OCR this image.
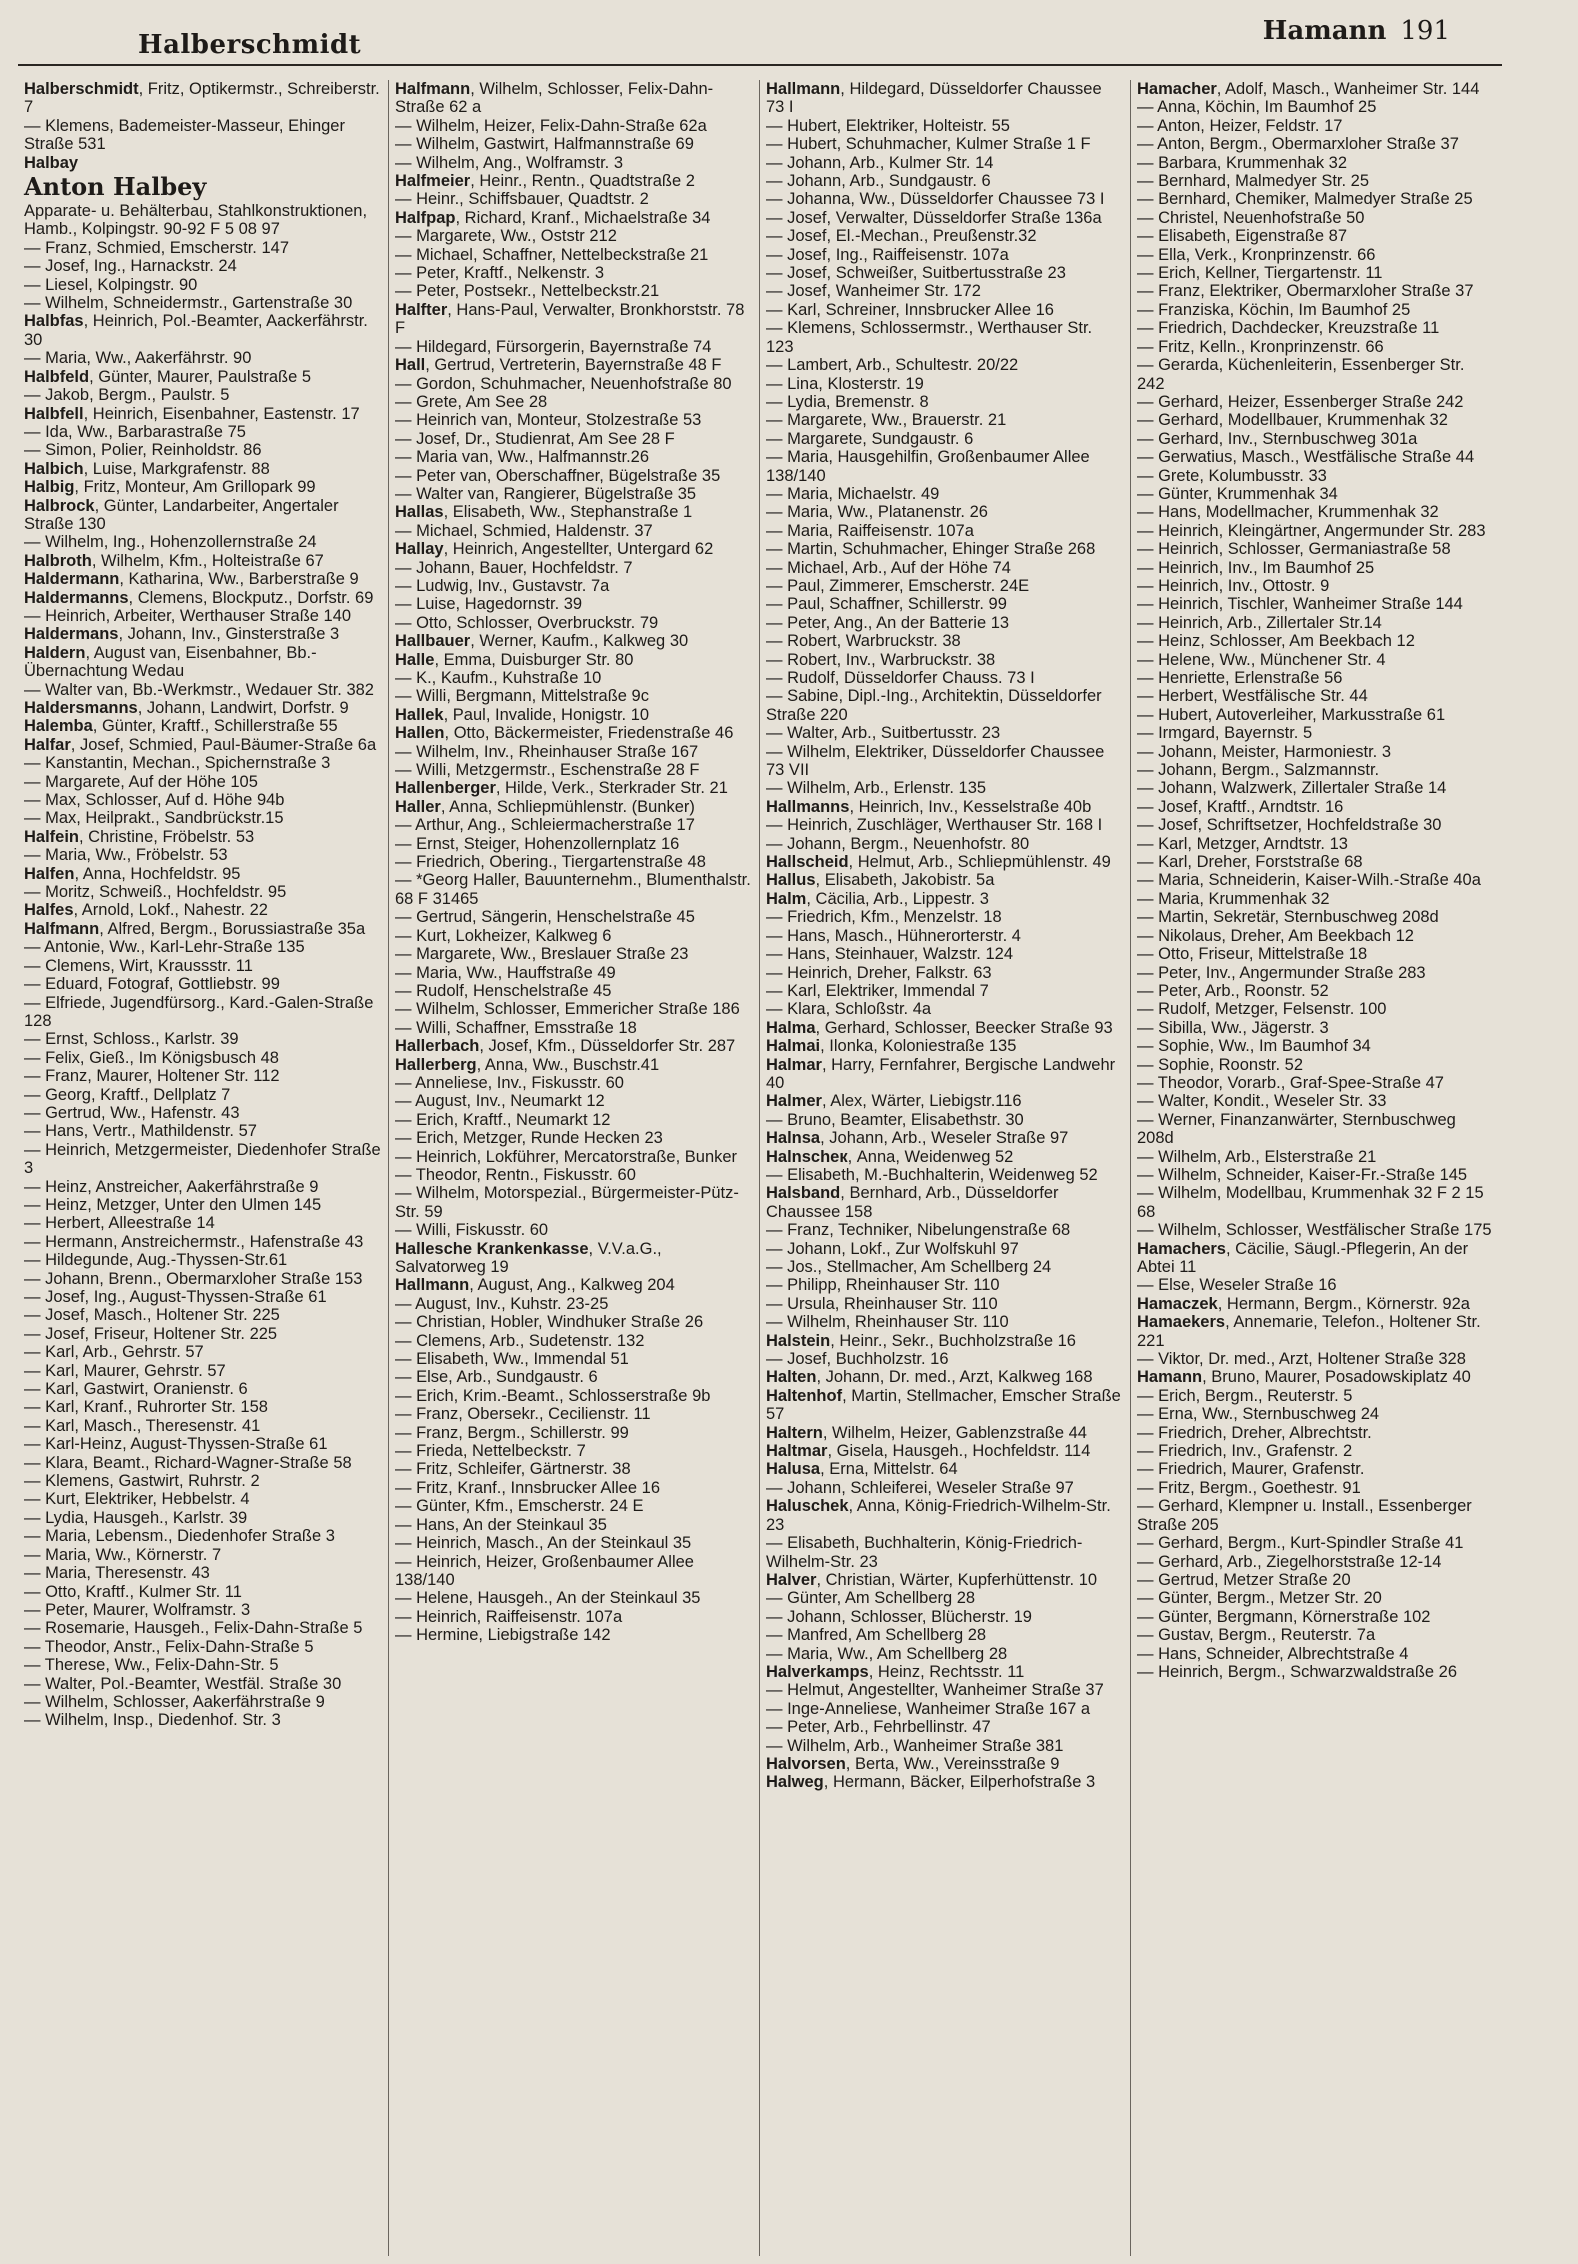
Halberschmidt	Hamann 191

Halberschmidt, Fritz, Optikermstr., Schreiberstr. 7

— Klemens, Bademeister-Masseur, Ehinger Straße 531

Halbay

Anton Halbey

Apparate- u. Behälterbau, Stahlkonstruktionen, Hamb., Kolpingstr. 90-92 F 5 08 97

— Franz, Schmied, Emscherstr. 147

— Josef, Ing., Harnackstr. 24

— Liesel, Kolpingstr. 90

— Wilhelm, Schneidermstr., Gartenstraße 30

Halbfas, Heinrich, Pol.-Beamter, Aackerfährstr. 30

— Maria, Ww., Aakerfährstr. 90

Halbfeld, Günter, Maurer, Paulstraße 5

— Jakob, Bergm., Paulstr. 5

Halbfell, Heinrich, Eisenbahner, Eastenstr. 17

— Ida, Ww., Barbarastraße 75

— Simon, Polier, Reinholdstr. 86

Halbich, Luise, Markgrafenstr. 88

Halbig, Fritz, Monteur, Am Grillopark 99

Halbrock, Günter, Landarbeiter, Angertaler Straße 130

— Wilhelm, Ing., Hohenzollernstraße 24

Halbroth, Wilhelm, Kfm., Holteistraße 67

Haldermann, Katharina, Ww., Barberstraße 9

Haldermanns, Clemens, Blockputz., Dorfstr. 69

— Heinrich, Arbeiter, Werthauser Straße 140

Haldermans, Johann, Inv., Ginsterstraße 3

Haldern, August van, Eisenbahner, Bb.-Übernachtung Wedau

— Walter van, Bb.-Werkmstr., Wedauer Str. 382

Haldersmanns, Johann, Landwirt, Dorfstr. 9

Halemba, Günter, Kraftf., Schillerstraße 55

Halfar, Josef, Schmied, Paul-Bäumer-Straße 6a

— Kanstantin, Mechan., Spichernstraße 3

— Margarete, Auf der Höhe 105

— Max, Schlosser, Auf d. Höhe 94b

— Max, Heilprakt., Sandbrückstr.15

Halfein, Christine, Fröbelstr. 53

— Maria, Ww., Fröbelstr. 53

Halfen, Anna, Hochfeldstr. 95

— Moritz, Schweiß., Hochfeldstr. 95

Halfes, Arnold, Lokf., Nahestr. 22

Halfmann, Alfred, Bergm., Borussiastraße 35a

— Antonie, Ww., Karl-Lehr-Straße 135

— Clemens, Wirt, Kraussstr. 11

— Eduard, Fotograf, Gottliebstr. 99

— Elfriede, Jugendfürsorg., Kard.-Galen-Straße 128

— Ernst, Schloss., Karlstr. 39

— Felix, Gieß., Im Königsbusch 48

— Franz, Maurer, Holtener Str. 112

— Georg, Kraftf., Dellplatz 7

— Gertrud, Ww., Hafenstr. 43

— Hans, Vertr., Mathildenstr. 57

— Heinrich, Metzgermeister, Diedenhofer Straße 3

— Heinz, Anstreicher, Aakerfährstraße 9

— Heinz, Metzger, Unter den Ulmen 145

— Herbert, Alleestraße 14

— Hermann, Anstreichermstr., Hafenstraße 43

— Hildegunde, Aug.-Thyssen-Str.61

— Johann, Brenn., Obermarxloher Straße 153

— Josef, Ing., August-Thyssen-Straße 61

— Josef, Masch., Holtener Str. 225

— Josef, Friseur, Holtener Str. 225

— Karl, Arb., Gehrstr. 57

— Karl, Maurer, Gehrstr. 57

— Karl, Gastwirt, Oranienstr. 6

— Karl, Kranf., Ruhrorter Str. 158

— Karl, Masch., Theresenstr. 41

— Karl-Heinz, August-Thyssen-Straße 61

— Klara, Beamt., Richard-Wagner-Straße 58

— Klemens, Gastwirt, Ruhrstr. 2

— Kurt, Elektriker, Hebbelstr. 4

— Lydia, Hausgeh., Karlstr. 39

— Maria, Lebensm., Diedenhofer Straße 3

— Maria, Ww., Körnerstr. 7

— Maria, Theresenstr. 43

— Otto, Kraftf., Kulmer Str. 11

— Peter, Maurer, Wolframstr. 3

— Rosemarie, Hausgeh., Felix-Dahn-Straße 5

— Theodor, Anstr., Felix-Dahn-Straße 5

— Therese, Ww., Felix-Dahn-Str. 5

— Walter, Pol.-Beamter, Westfäl. Straße 30

— Wilhelm, Schlosser, Aakerfährstraße 9

— Wilhelm, Insp., Diedenhof. Str. 3

Halfmann, Wilhelm, Schlosser, Felix-Dahn-Straße 62 a

— Wilhelm, Heizer, Felix-Dahn-Straße 62a

— Wilhelm, Gastwirt, Halfmannstraße 69

— Wilhelm, Ang., Wolframstr. 3

Halfmeier, Heinr., Rentn., Quadtstraße 2

— Heinr., Schiffsbauer, Quadtstr. 2

Halfpap, Richard, Kranf., Michaelstraße 34

— Margarete, Ww., Oststr 212

— Michael, Schaffner, Nettelbeckstraße 21

— Peter, Kraftf., Nelkenstr. 3

— Peter, Postsekr., Nettelbeckstr.21

Halfter, Hans-Paul, Verwalter, Bronkhorststr. 78 F

— Hildegard, Fürsorgerin, Bayernstraße 74

Hall, Gertrud, Vertreterin, Bayernstraße 48 F

— Gordon, Schuhmacher, Neuenhofstraße 80

— Grete, Am See 28

— Heinrich van, Monteur, Stolzestraße 53

— Josef, Dr., Studienrat, Am See 28 F

— Maria van, Ww., Halfmannstr.26

— Peter van, Oberschaffner, Bügelstraße 35

— Walter van, Rangierer, Bügelstraße 35

Hallas, Elisabeth, Ww., Stephanstraße 1

— Michael, Schmied, Haldenstr. 37

Hallay, Heinrich, Angestellter, Untergard 62

— Johann, Bauer, Hochfeldstr. 7

— Ludwig, Inv., Gustavstr. 7a

— Luise, Hagedornstr. 39

— Otto, Schlosser, Overbruckstr. 79

Hallbauer, Werner, Kaufm., Kalkweg 30

Halle, Emma, Duisburger Str. 80

— K., Kaufm., Kuhstraße 10

— Willi, Bergmann, Mittelstraße 9c

Hallek, Paul, Invalide, Honigstr. 10

Hallen, Otto, Bäckermeister, Friedenstraße 46

— Wilhelm, Inv., Rheinhauser Straße 167

— Willi, Metzgermstr., Eschenstraße 28 F

Hallenberger, Hilde, Verk., Sterkrader Str. 21

Haller, Anna, Schliepmühlenstr. (Bunker)

— Arthur, Ang., Schleiermacherstraße 17

— Ernst, Steiger, Hohenzollernplatz 16

— Friedrich, Obering., Tiergartenstraße 48

— *Georg Haller, Bauunternehm., Blumenthalstr. 68 F 31465

— Gertrud, Sängerin, Henschelstraße 45

— Kurt, Lokheizer, Kalkweg 6

— Margarete, Ww., Breslauer Straße 23

— Maria, Ww., Hauffstraße 49

— Rudolf, Henschelstraße 45

— Wilhelm, Schlosser, Emmericher Straße 186

— Willi, Schaffner, Emsstraße 18

Hallerbach, Josef, Kfm., Düsseldorfer Str. 287

Hallerberg, Anna, Ww., Buschstr.41

— Anneliese, Inv., Fiskusstr. 60

— August, Inv., Neumarkt 12

— Erich, Kraftf., Neumarkt 12

— Erich, Metzger, Runde Hecken 23

— Heinrich, Lokführer, Mercatorstraße, Bunker

— Theodor, Rentn., Fiskusstr. 60

— Wilhelm, Motorspezial., Bürgermeister-Pütz-Str. 59

— Willi, Fiskusstr. 60

Hallesche Krankenkasse, V.V.a.G., Salvatorweg 19

Hallmann, August, Ang., Kalkweg 204

— August, Inv., Kuhstr. 23-25

— Christian, Hobler, Windhuker Straße 26

— Clemens, Arb., Sudetenstr. 132

— Elisabeth, Ww., Immendal 51

— Else, Arb., Sundgaustr. 6

— Erich, Krim.-Beamt., Schlosserstraße 9b

— Franz, Obersekr., Cecilienstr. 11

— Franz, Bergm., Schillerstr. 99

— Frieda, Nettelbeckstr. 7

— Fritz, Schleifer, Gärtnerstr. 38

— Fritz, Kranf., Innsbrucker Allee 16

— Günter, Kfm., Emscherstr. 24 E

— Hans, An der Steinkaul 35

— Heinrich, Masch., An der Steinkaul 35

— Heinrich, Heizer, Großenbaumer Allee 138/140

— Helene, Hausgeh., An der Steinkaul 35

— Heinrich, Raiffeisenstr. 107a

— Hermine, Liebigstraße 142

Hallmann, Hildegard, Düsseldorfer Chaussee 73 I

— Hubert, Elektriker, Holteistr. 55

— Hubert, Schuhmacher, Kulmer Straße 1 F

— Johann, Arb., Kulmer Str. 14

— Johann, Arb., Sundgaustr. 6

— Johanna, Ww., Düsseldorfer Chaussee 73 I

— Josef, Verwalter, Düsseldorfer Straße 136a

— Josef, El.-Mechan., Preußenstr.32

— Josef, Ing., Raiffeisenstr. 107a

— Josef, Schweißer, Suitbertusstraße 23

— Josef, Wanheimer Str. 172

— Karl, Schreiner, Innsbrucker Allee 16

— Klemens, Schlossermstr., Werthauser Str. 123

— Lambert, Arb., Schultestr. 20/22

— Lina, Klosterstr. 19

— Lydia, Bremenstr. 8

— Margarete, Ww., Brauerstr. 21

— Margarete, Sundgaustr. 6

— Maria, Hausgehilfin, Großenbaumer Allee 138/140

— Maria, Michaelstr. 49

— Maria, Ww., Platanenstr. 26

— Maria, Raiffeisenstr. 107a

— Martin, Schuhmacher, Ehinger Straße 268

— Michael, Arb., Auf der Höhe 74

— Paul, Zimmerer, Emscherstr. 24E

— Paul, Schaffner, Schillerstr. 99

— Peter, Ang., An der Batterie 13

— Robert, Warbruckstr. 38

— Robert, Inv., Warbruckstr. 38

— Rudolf, Düsseldorfer Chauss. 73 I

— Sabine, Dipl.-Ing., Architektin, Düsseldorfer Straße 220

— Walter, Arb., Suitbertusstr. 23

— Wilhelm, Elektriker, Düsseldorfer Chaussee 73 VII

— Wilhelm, Arb., Erlenstr. 135

Hallmanns, Heinrich, Inv., Kesselstraße 40b

— Heinrich, Zuschläger, Werthauser Str. 168 I

— Johann, Bergm., Neuenhofstr. 80

Hallscheid, Helmut, Arb., Schliepmühlenstr. 49

Hallus, Elisabeth, Jakobistr. 5a

Halm, Cäcilia, Arb., Lippestr. 3

— Friedrich, Kfm., Menzelstr. 18

— Hans, Masch., Hühnerorterstr. 4

— Hans, Steinhauer, Walzstr. 124

— Heinrich, Dreher, Falkstr. 63

— Karl, Elektriker, Immendal 7

— Klara, Schloßstr. 4a

Halma, Gerhard, Schlosser, Beecker Straße 93

Halmai, Ilonka, Koloniestraße 135

Halmar, Harry, Fernfahrer, Bergische Landwehr 40

Halmer, Alex, Wärter, Liebigstr.116

— Bruno, Beamter, Elisabethstr. 30

Halnsa, Johann, Arb., Weseler Straße 97

Halnscheк, Anna, Weidenweg 52

— Elisabeth, M.-Buchhalterin, Weidenweg 52

Halsband, Bernhard, Arb., Düsseldorfer Chaussee 158

— Franz, Techniker, Nibelungenstraße 68

— Johann, Lokf., Zur Wolfskuhl 97

— Jos., Stellmacher, Am Schellberg 24

— Philipp, Rheinhauser Str. 110

— Ursula, Rheinhauser Str. 110

— Wilhelm, Rheinhauser Str. 110

Halstein, Heinr., Sekr., Buchholzstraße 16

— Josef, Buchholzstr. 16

Halten, Johann, Dr. med., Arzt, Kalkweg 168

Haltenhof, Martin, Stellmacher, Emscher Straße 57

Haltern, Wilhelm, Heizer, Gablenzstraße 44

Haltmar, Gisela, Hausgeh., Hochfeldstr. 114

Halusa, Erna, Mittelstr. 64

— Johann, Schleiferei, Weseler Straße 97

Haluschek, Anna, König-Friedrich-Wilhelm-Str. 23

— Elisabeth, Buchhalterin, König-Friedrich-Wilhelm-Str. 23

Halver, Christian, Wärter, Kupferhüttenstr. 10

— Günter, Am Schellberg 28

— Johann, Schlosser, Blücherstr. 19

— Manfred, Am Schellberg 28

— Maria, Ww., Am Schellberg 28

Halverkamps, Heinz, Rechtsstr. 11

— Helmut, Angestellter, Wanheimer Straße 37

— Inge-Anneliese, Wanheimer Straße 167 a

— Peter, Arb., Fehrbellinstr. 47

— Wilhelm, Arb., Wanheimer Straße 381

Halvorsen, Berta, Ww., Vereinsstraße 9

Halweg, Hermann, Bäcker, Eilperhofstraße 3

Hamacher, Adolf, Masch., Wanheimer Str. 144

— Anna, Köchin, Im Baumhof 25

— Anton, Heizer, Feldstr. 17

— Anton, Bergm., Obermarxloher Straße 37

— Barbara, Krummenhak 32

— Bernhard, Malmedyer Str. 25

— Bernhard, Chemiker, Malmedyer Straße 25

— Christel, Neuenhofstraße 50

— Elisabeth, Eigenstraße 87

— Ella, Verk., Kronprinzenstr. 66

— Erich, Kellner, Tiergartenstr. 11

— Franz, Elektriker, Obermarxloher Straße 37

— Franziska, Köchin, Im Baumhof 25

— Friedrich, Dachdecker, Kreuzstraße 11

— Fritz, Kelln., Kronprinzenstr. 66

— Gerarda, Küchenleiterin, Essenberger Str. 242

— Gerhard, Heizer, Essenberger Straße 242

— Gerhard, Modellbauer, Krummenhak 32

— Gerhard, Inv., Sternbuschweg 301a

— Gerwatius, Masch., Westfälische Straße 44

— Grete, Kolumbusstr. 33

— Günter, Krummenhak 34

— Hans, Modellmacher, Krummenhak 32

— Heinrich, Kleingärtner, Angermunder Str. 283

— Heinrich, Schlosser, Germaniastraße 58

— Heinrich, Inv., Im Baumhof 25

— Heinrich, Inv., Ottostr. 9

— Heinrich, Tischler, Wanheimer Straße 144

— Heinrich, Arb., Zillertaler Str.14

— Heinz, Schlosser, Am Beekbach 12

— Helene, Ww., Münchener Str. 4

— Henriette, Erlenstraße 56

— Herbert, Westfälische Str. 44

— Hubert, Autoverleiher, Markusstraße 61

— Irmgard, Bayernstr. 5

— Johann, Meister, Harmoniestr. 3

— Johann, Bergm., Salzmannstr.

— Johann, Walzwerk, Zillertaler Straße 14

— Josef, Kraftf., Arndtstr. 16

— Josef, Schriftsetzer, Hochfeldstraße 30

— Karl, Metzger, Arndtstr. 13

— Karl, Dreher, Forststraße 68

— Maria, Schneiderin, Kaiser-Wilh.-Straße 40a

— Maria, Krummenhak 32

— Martin, Sekretär, Sternbuschweg 208d

— Nikolaus, Dreher, Am Beekbach 12

— Otto, Friseur, Mittelstraße 18

— Peter, Inv., Angermunder Straße 283

— Peter, Arb., Roonstr. 52

— Rudolf, Metzger, Felsenstr. 100

— Sibilla, Ww., Jägerstr. 3

— Sophie, Ww., Im Baumhof 34

— Sophie, Roonstr. 52

— Theodor, Vorarb., Graf-Spee-Straße 47

— Walter, Kondit., Weseler Str. 33

— Werner, Finanzanwärter, Sternbuschweg 208d

— Wilhelm, Arb., Elsterstraße 21

— Wilhelm, Schneider, Kaiser-Fr.-Straße 145

— Wilhelm, Modellbau, Krummenhak 32 F 2 15 68

— Wilhelm, Schlosser, Westfälischer Straße 175

Hamachers, Cäcilie, Säugl.-Pflegerin, An der Abtei 11

— Else, Weseler Straße 16

Hamaczek, Hermann, Bergm., Körnerstr. 92a

Hamaekers, Annemarie, Telefon., Holtener Str. 221

— Viktor, Dr. med., Arzt, Holtener Straße 328

Hamann, Bruno, Maurer, Posadowskiplatz 40

— Erich, Bergm., Reuterstr. 5

— Erna, Ww., Sternbuschweg 24

— Friedrich, Dreher, Albrechtstr.

— Friedrich, Inv., Grafenstr. 2

— Friedrich, Maurer, Grafenstr.

— Fritz, Bergm., Goethestr. 91

— Gerhard, Klempner u. Install., Essenberger Straße 205

— Gerhard, Bergm., Kurt-Spindler Straße 41

— Gerhard, Arb., Ziegelhorststraße 12-14

— Gertrud, Metzer Straße 20

— Günter, Bergm., Metzer Str. 20

— Günter, Bergmann, Körnerstraße 102

— Gustav, Bergm., Reuterstr. 7a

— Hans, Schneider, Albrechtstraße 4

— Heinrich, Bergm., Schwarzwaldstraße 26
